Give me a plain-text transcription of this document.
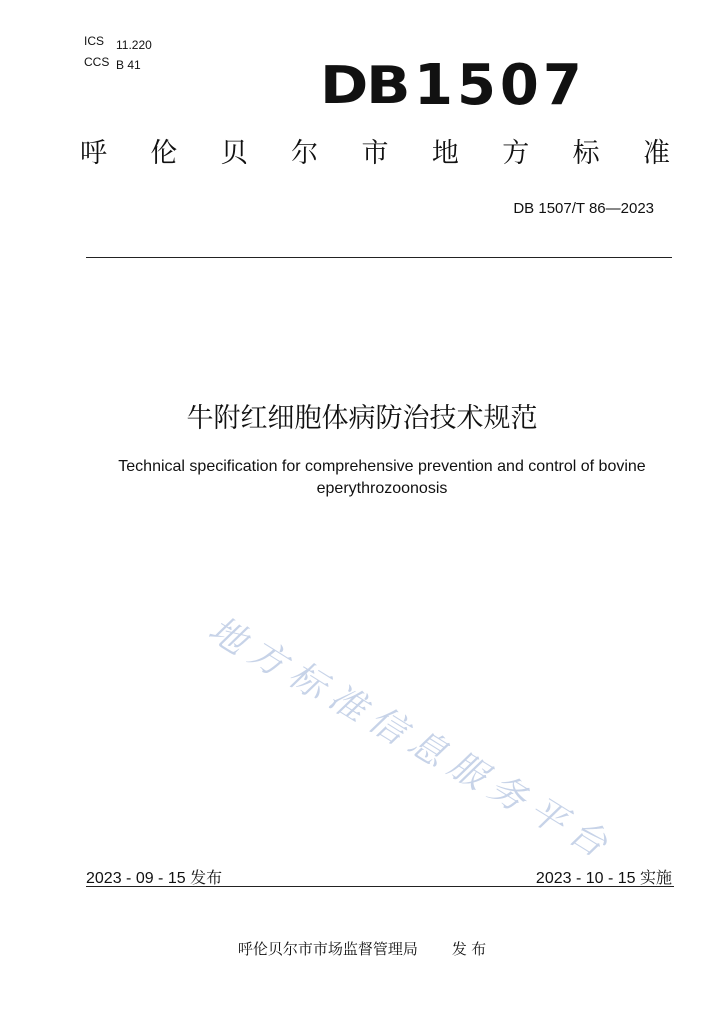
ICS 11.220
CCS B 41	DB 1507
呼 伦 贝 尔 市 地 方 标 准
DB 1507/T 86—2023
牛附红细胞体病防治技术规范
Technical specification for comprehensive prevention and control of bovine eperythrozoonosis
地
方
标
准
信
息
服
务
平
台
2023 - 09 - 15 发布	2023 - 10 - 15 实施
呼伦贝尔市市场监督管理局 发 布
